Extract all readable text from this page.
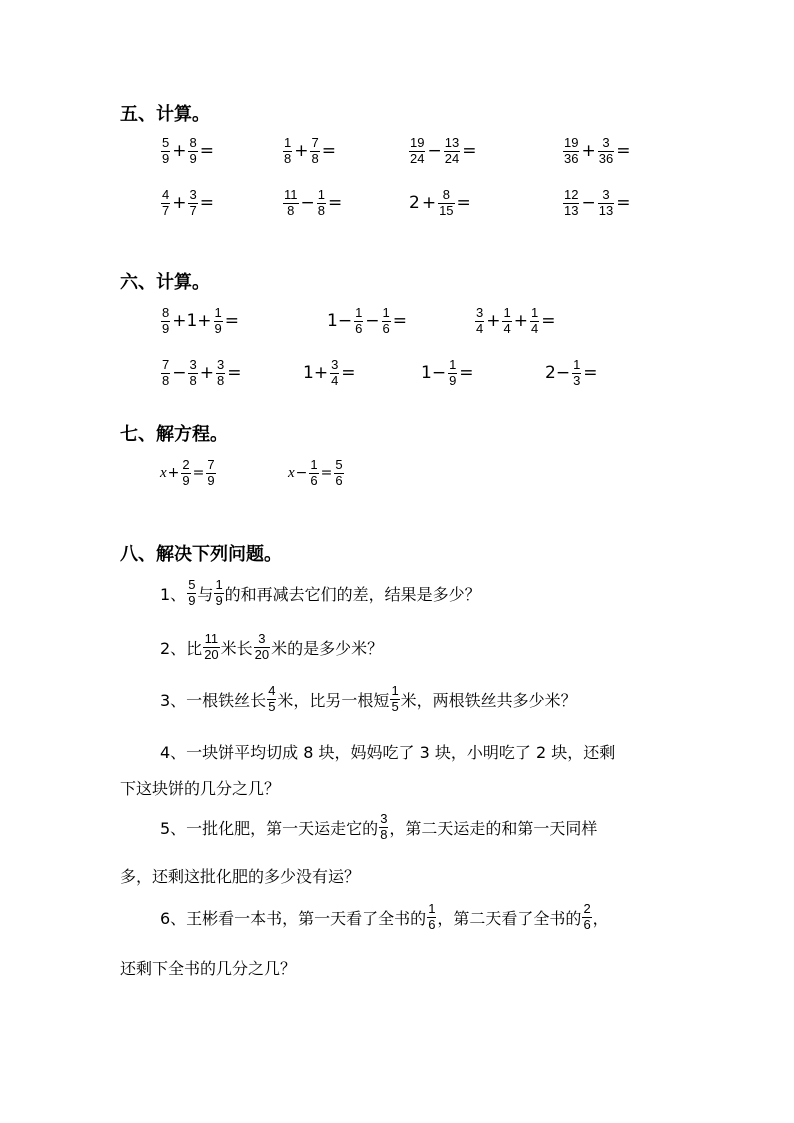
五、计算。
$\frac{5}{9} + \frac{8}{9}$ =	$\frac{1}{8} + \frac{7}{8}$ =	$\frac{19}{24} - \frac{13}{24}$ =	$\frac{19}{36} + \frac{3}{36}$ =
$\frac{4}{7} + \frac{3}{7}$ =	$\frac{11}{8} - \frac{1}{8}$ =	$2 + \frac{8}{15}$ =	$\frac{12}{13} - \frac{3}{13}$ =
六、计算。
$\frac{8}{9} +1+ \frac{1}{9}$ =	$1- \frac{1}{6} - \frac{1}{6}$ =	$\frac{3}{4} + \frac{1}{4} + \frac{1}{4}$ =
$\frac{7}{8} - \frac{3}{8} + \frac{3}{8}$ =	$1+ \frac{3}{4}$ =	$1- \frac{1}{9}$ =	$2- \frac{1}{3}$ =
七、解方程。
$x + \frac{2}{9} = \frac{7}{9}$	$x - \frac{1}{6} = \frac{5}{6}$
八、解决下列问题。
1、 $\frac{5}{9}$ 与 $\frac{1}{9}$ 的和再减去它们的差，结果是多少？
2、比 $\frac{11}{20}$ 米长 $\frac{3}{20}$ 米的是多少米？
3、一根铁丝长 $\frac{4}{5}$ 米，比另一根短 $\frac{1}{5}$ 米，两根铁丝共多少米？
4、一块饼平均切成 8 块，妈妈吃了 3 块，小明吃了 2 块，还剩
下这块饼的几分之几？
5、一批化肥，第一天运走它的 $\frac{3}{8}$ ，第二天运走的和第一天同样
多，还剩这批化肥的多少没有运？
6、王彬看一本书，第一天看了全书的 $\frac{1}{6}$ ，第二天看了全书的 $\frac{2}{6}$ ，
还剩下全书的几分之几？
